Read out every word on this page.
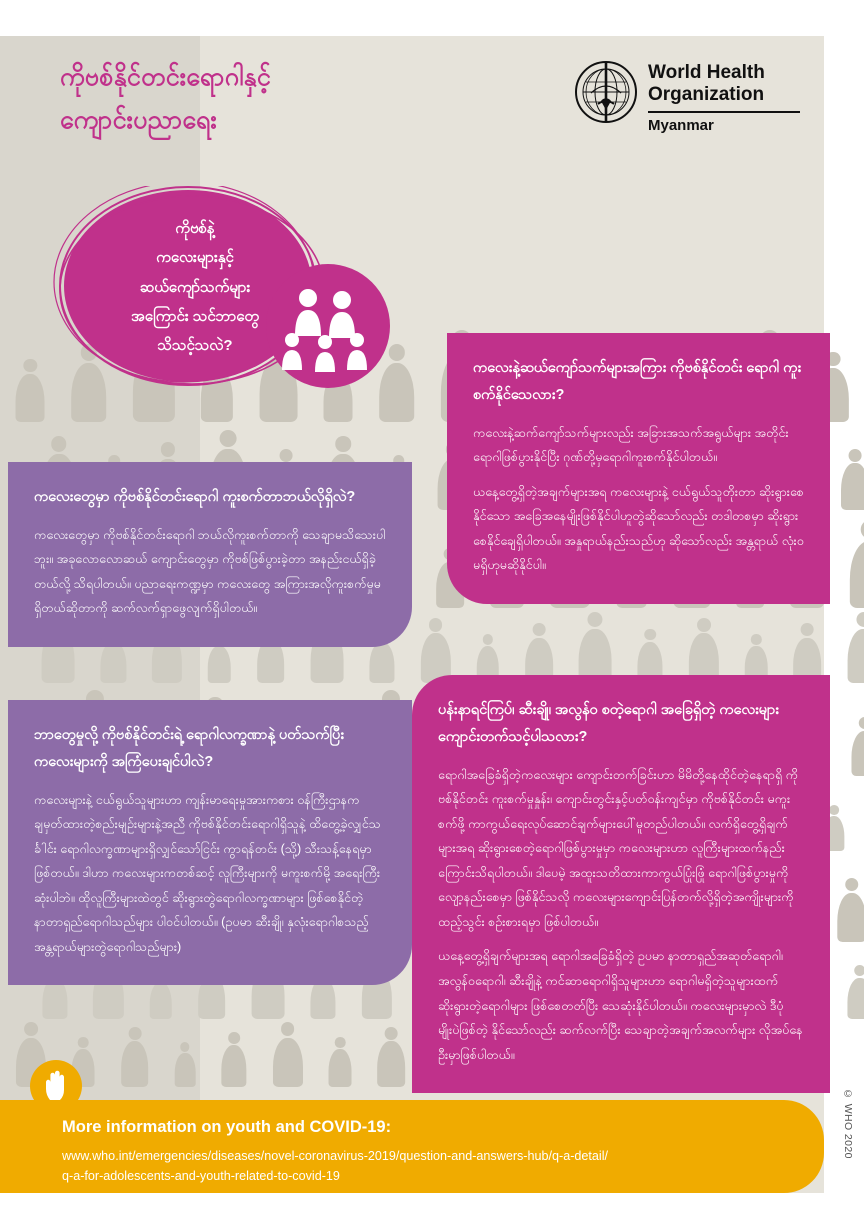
ကိုဗစ်နိုင်တင်းရောဂါနှင့်
ကျောင်းပညာရေး
World Health
Organization
Myanmar
ကိုဗစ်နဲ့
ကလေးများနှင့်
ဆယ်ကျော်သက်များ
အကြောင်း သင်ဘာတွေ
သိသင့်သလဲ?
ကလေးနဲ့ဆယ်ကျော်သက်များအကြား ကိုဗစ်နိုင်တင်း ရောဂါ ကူးစက်နိုင်သေလား?

ကလေးနဲ့ဆက်ကျော်သက်များလည်း အခြားအသက်အရွယ်များ အတိုင်း ရောဂါဖြစ်ပွားနိုင်ပြီး ဂုဏ်တို့မှရောဂါကူးစက်နိုင်ပါတယ်။

ယနေ့တွေ့ရှိတဲ့အချက်များအရ ကလေးများနဲ့ ငယ်ရွယ်သူတိုးတာ ဆိုးရွားစေနိုင်သော အခြေအနေမျိုးဖြစ်နိုင်ပါဟူတွဲဆိုသော်လည်း တဒါတစမှာ ဆိုးရွားစေနိုင်ချေရှိပါတယ်။ အနှုရာယ်နည်းသည်ဟု ဆိုသော်လည်း အန္တရာယ် လုံးဝမရှိဟုမဆိုနိုင်ပါ။

ကလေးတွေမှာ ကိုဗစ်နိုင်တင်းရောဂါ ကူးစက်တာဘယ်လိုရှိလဲ?

ကလေးတွေမှာ ကိုဗစ်နိုင်တင်းရောဂါ ဘယ်လိုကူးစက်တာကို သေချာမသိသေးပါဘူး။ အခုလောလောဆယ် ကျောင်းတွေမှာ ကိုဗစ်ဖြစ်ပွားခဲ့တာ အနည်းငယ်ရှိခဲ့တယ်လို့ သိရပါတယ်။ ပညာရေးကဏ္ဍမှာ ကလေးတွေ အကြားအလိုကူးစက်မှုမရှိတယ်ဆိုတာကို ဆက်လက်ရှာဖွေလျက်ရှိပါတယ်။

ဘာတွေမှုလို့ ကိုဗစ်နိုင်တင်းရဲ့ ရောဂါလက္ခဏာနဲ့ ပတ်သက်ပြီး ကလေးများကို အကြံပေးချင်ပါလဲ?

ကလေးများနဲ့ ငယ်ရွယ်သူများဟာ ကျန်းမာရေးမှုအားကစား ဝန်ကြီးဌာနက ချမှတ်ထားတဲ့စည်းမျဉ်းများနဲ့အညီ ကိုဗစ်နိုင်တင်းရောဂါရှိသူနဲ့ ထိတွေ့ခဲ့လျှင်သင်္ခါင်း ရောဂါလက္ခဏာများရှိလျှင်သော်ငြင်း ကွာရန်တင်း (သို့) သီးသန့်နေရမှာဖြစ်တယ်။ ဒါဟာ ကလေးများကတစ်ဆင့် လူကြီးများကို မကူးစက်မို့ အရေးကြီးဆုံးပါဘဲ။ ထိုလူကြီးများထဲတွင် ဆိုးရွားတွဲရောဂါလက္ခဏာများ ဖြစ်စေနိုင်တဲ့ နာတာရှည်ရောဂါသည်များ ပါဝင်ပါတယ်။ (ဥပမာ ဆီးချို၊ နှလုံးရောဂါစသည့် အန္တရာယ်များတွဲရောဂါသည်များ)

ပန်းနာရင်ကြပ်၊ ဆီးချို၊ အလွန်ဝ စတဲ့ရောဂါ အခြေရှိတဲ့ ကလေးများ ကျောင်းတက်သင့်ပါသလား?

ရောဂါအခြေခံရှိတဲ့ကလေးများ ကျောင်းတက်ခြင်းဟာ မိမိတို့နေထိုင်တဲ့နေရာရှိ ကိုဗစ်နိုင်တင်း ကူးစက်မှုနှုန်း၊ ကျောင်းတွင်းနှင့်ပတ်ဝန်းကျင်မှာ ကိုဗစ်နိုင်တင်း မကူးစက်ဖို့ ကာကွယ်ရေးလုပ်ဆောင်ချက်များပေါ်မူတည်ပါတယ်။ လက်ရှိတွေ့ရှိချက်များအရ ဆိုးရွားစေတဲ့ရောဂါဖြစ်ပွားမှုမှာ ကလေးများဟာ လူကြီးများထက်နည်းကြောင်းသိရပါတယ်။ ဒါပေမဲ့ အထူးသတိထားကာကွယ်ပြုံးဖြုံ ရောဂါဖြစ်ပွားမှုကို လျော့နည်းစေမှာ ဖြစ်နိုင်သလို ကလေးများကျောင်းပြန်တက်လို့ရှိတဲ့အကျိုးများကို ထည့်သွင်း စဉ်းစားရမှာ ဖြစ်ပါတယ်။

ယနေ့တွေ့ရှိချက်များအရ ရောဂါအခြေခံရှိတဲ့ ဥပမာ နာတာရှည်အဆုတ်ရောဂါ၊ အလွန်ဝရောဂါ၊ ဆီးချိုနဲ့ ကင်ဆာရောဂါရှိသူများဟာ ရောဂါမရှိတဲ့သူများထက် ဆိုးရွားတဲ့ရောဂါများ ဖြစ်စေတတ်ပြီး သေဆုံးနိုင်ပါတယ်။ ကလေးများမှာလဲ ဒီပုံမျိုးပဲဖြစ်တဲ့ နိုင်သော်လည်း ဆက်လက်ပြီး သေချာတဲ့အချက်အလက်များ လိုအပ်နေဦးမှာဖြစ်ပါတယ်။

More information on youth and COVID-19:
www.who.int/emergencies/diseases/novel-coronavirus-2019/question-and-answers-hub/q-a-detail/
q-a-for-adolescents-and-youth-related-to-covid-19
© WHO 2020
